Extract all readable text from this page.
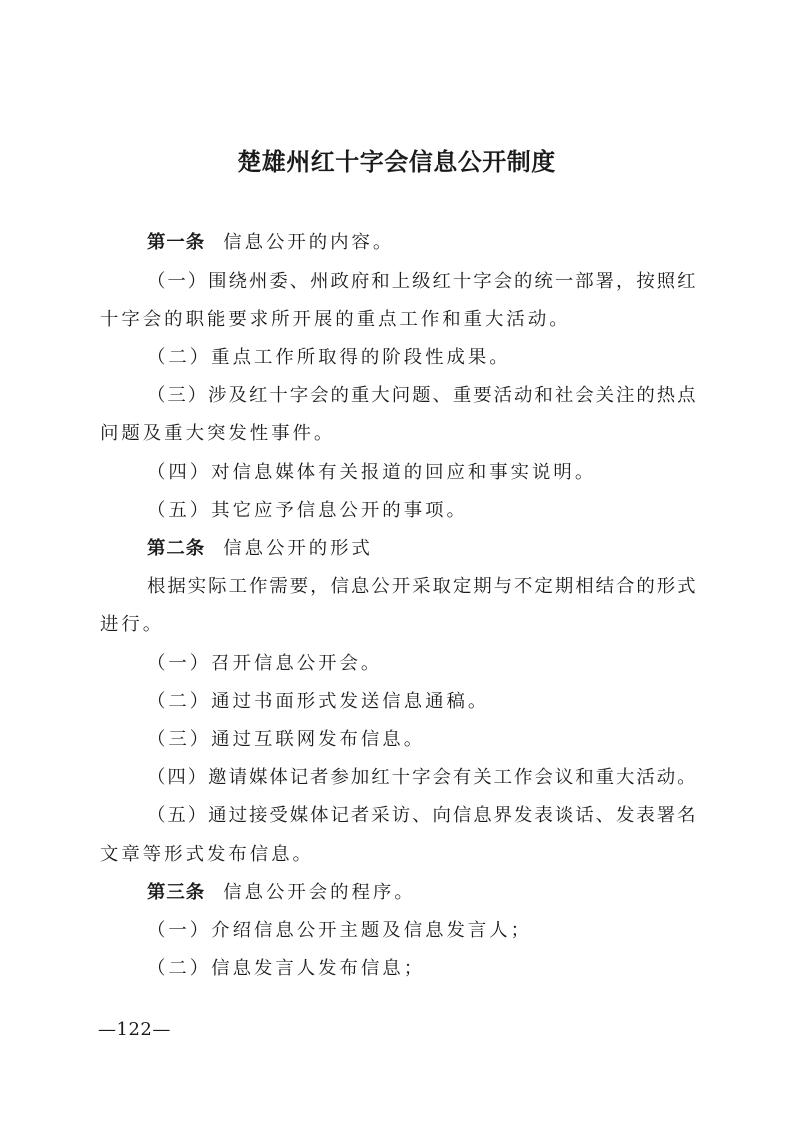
楚雄州红十字会信息公开制度

第一条 信息公开的内容。

（一）围绕州委、州政府和上级红十字会的统一部署，按照红

十字会的职能要求所开展的重点工作和重大活动。

（二）重点工作所取得的阶段性成果。

（三）涉及红十字会的重大问题、重要活动和社会关注的热点

问题及重大突发性事件。

（四）对信息媒体有关报道的回应和事实说明。

（五）其它应予信息公开的事项。

第二条 信息公开的形式

根据实际工作需要，信息公开采取定期与不定期相结合的形式

进行。

（一）召开信息公开会。

（二）通过书面形式发送信息通稿。

（三）通过互联网发布信息。

（四）邀请媒体记者参加红十字会有关工作会议和重大活动。

（五）通过接受媒体记者采访、向信息界发表谈话、发表署名

文章等形式发布信息。

第三条 信息公开会的程序。

（一）介绍信息公开主题及信息发言人；

（二）信息发言人发布信息；

—122—
